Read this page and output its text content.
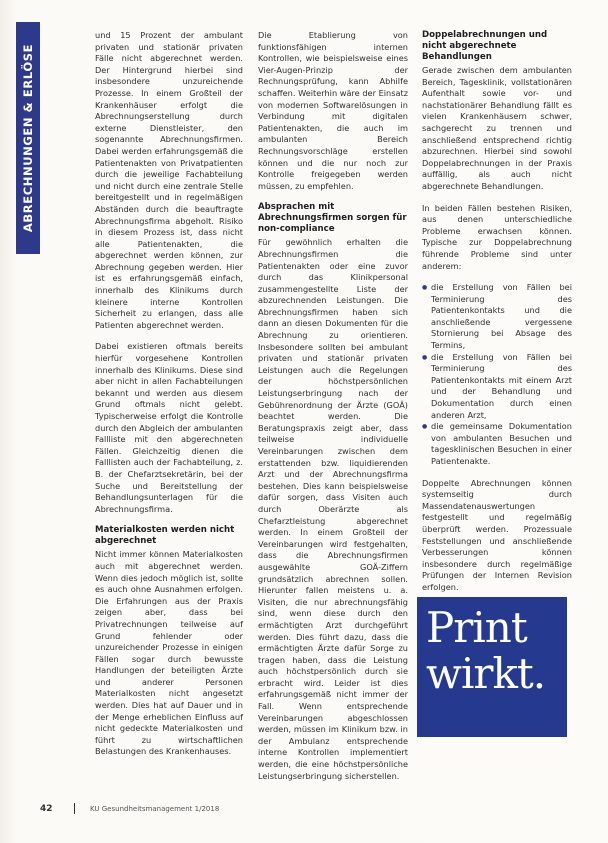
ABRECHNUNGEN & ERLÖSE

und 15 Prozent der ambulant privaten und stationär privaten Fälle nicht abgerechnet werden. Der Hintergrund hierbei sind insbesondere unzureichende Prozesse. In einem Großteil der Krankenhäuser erfolgt die Abrechnungserstellung durch externe Dienstleister, den sogenannte Abrechnungsfirmen. Dabei werden erfahrungsgemäß die Patientenakten von Privatpatienten durch die jeweilige Fachabteilung und nicht durch eine zentrale Stelle bereitgestellt und in regelmäßigen Abständen durch die beauftragte Abrechnungsfirma abgeholt. Risiko in diesem Prozess ist, dass nicht alle Patientenakten, die abgerechnet werden können, zur Abrechnung gegeben werden. Hier ist es erfahrungsgemäß einfach, innerhalb des Klinikums durch kleinere interne Kontrollen Sicherheit zu erlangen, dass alle Patienten abgerechnet werden.

Dabei existieren oftmals bereits hierfür vorgesehene Kontrollen innerhalb des Klinikums. Diese sind aber nicht in allen Fachabteilungen bekannt und werden aus diesem Grund oftmals nicht gelebt. Typischerweise erfolgt die Kontrolle durch den Abgleich der ambulanten Fallliste mit den abgerechneten Fällen. Gleichzeitig dienen die Falllisten auch der Fachabteilung, z. B. der Chefarztsekretärin, bei der Suche und Bereitstellung der Behandlungsunterlagen für die Abrechnungsfirma.

Materialkosten werden nicht abgerechnet

Nicht immer können Materialkosten auch mit abgerechnet werden. Wenn dies jedoch möglich ist, sollte es auch ohne Ausnahmen erfolgen. Die Erfahrungen aus der Praxis zeigen aber, dass bei Privatrechnungen teilweise auf Grund fehlender oder unzureichender Prozesse in einigen Fällen sogar durch bewusste Handlungen der beteiligten Ärzte und anderer Personen Materialkosten nicht angesetzt werden. Dies hat auf Dauer und in der Menge erheblichen Einfluss auf nicht gedeckte Materialkosten und führt zu wirtschaftlichen Belastungen des Krankenhauses.

Die Etablierung von funktionsfähigen internen Kontrollen, wie beispielsweise eines Vier-Augen-Prinzip der Rechnungsprüfung, kann Abhilfe schaffen. Weiterhin wäre der Einsatz von modernen Softwarelösungen in Verbindung mit digitalen Patientenakten, die auch im ambulanten Bereich Rechnungsvorschläge erstellen können und die nur noch zur Kontrolle freigegeben werden müssen, zu empfehlen.

Absprachen mit Abrechnungsfirmen sorgen für non-compliance

Für gewöhnlich erhalten die Abrechnungsfirmen die Patientenakten oder eine zuvor durch das Klinikpersonal zusammengestellte Liste der abzurechnenden Leistungen. Die Abrechnungsfirmen haben sich dann an diesen Dokumenten für die Abrechnung zu orientieren. Insbesondere sollten bei ambulant privaten und stationär privaten Leistungen auch die Regelungen der höchstpersönlichen Leistungserbringung nach der Gebührenordnung der Ärzte (GOÄ) beachtet werden. Die Beratungspraxis zeigt aber, dass teilweise individuelle Vereinbarungen zwischen dem erstattenden bzw. liquidierenden Arzt und der Abrechnungsfirma bestehen. Dies kann beispielsweise dafür sorgen, dass Visiten auch durch Oberärzte als Chefarztleistung abgerechnet werden. In einem Großteil der Vereinbarungen wird festgehalten, dass die Abrechnungsfirmen ausgewählte GOÄ-Ziffern grundsätzlich abrechnen sollen. Hierunter fallen meistens u. a. Visiten, die nur abrechnungsfähig sind, wenn diese durch den ermächtigten Arzt durchgeführt werden. Dies führt dazu, dass die ermächtigten Ärzte dafür Sorge zu tragen haben, dass die Leistung auch höchstpersönlich durch sie erbracht wird. Leider ist dies erfahrungsgemäß nicht immer der Fall. Wenn entsprechende Vereinbarungen abgeschlossen werden, müssen im Klinikum bzw. in der Ambulanz entsprechende interne Kontrollen implementiert werden, die eine höchstpersönliche Leistungserbringung sicherstellen.

Doppelabrechnungen und nicht abgerechnete Behandlungen

Gerade zwischen dem ambulanten Bereich, Tagesklinik, vollstationären Aufenthalt sowie vor- und nachstationärer Behandlung fällt es vielen Krankenhäusern schwer, sachgerecht zu trennen und anschließend entsprechend richtig abzurechnen. Hierbei sind sowohl Doppelabrechnungen in der Praxis auffällig, als auch nicht abgerechnete Behandlungen.

In beiden Fällen bestehen Risiken, aus denen unterschiedliche Probleme erwachsen können. Typische zur Doppelabrechnung führende Probleme sind unter anderem:

● die Erstellung von Fällen bei Terminierung des Patientenkontakts und die anschließende vergessene Stornierung bei Absage des Termins,
● die Erstellung von Fällen bei Terminierung des Patientenkontakts mit einem Arzt und der Behandlung und Dokumentation durch einen anderen Arzt,
● die gemeinsame Dokumentation von ambulanten Besuchen und tagesklinischen Besuchen in einer Patientenakte.

Doppelte Abrechnungen können systemseitig durch Massendatenauswertungen festgestellt und regelmäßig überprüft werden. Prozessuale Feststellungen und anschließende Verbesserungen können insbesondere durch regelmäßige Prüfungen der Internen Revision erfolgen.

Print
wirkt.
42	KU Gesundheitsmanagement 1/2018
